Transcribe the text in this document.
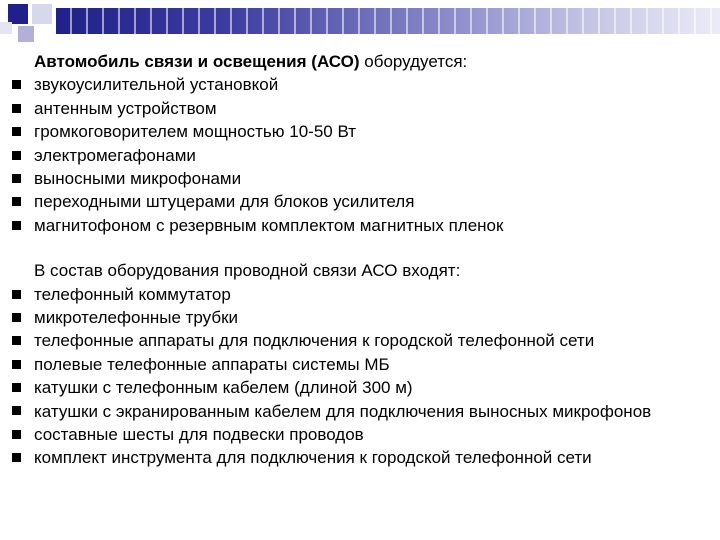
Автомобиль связи и освещения (АСО) оборудуется:

звукоусилительной установкой
антенным устройством
громкоговорителем мощностью 10-50 Вт
электромегафонами
выносными микрофонами
переходными штуцерами для блоков усилителя
магнитофоном с резервным комплектом магнитных пленок

В состав оборудования проводной связи АСО входят:

телефонный коммутатор
микротелефонные трубки
телефонные аппараты для подключения к городской телефонной сети
полевые телефонные аппараты системы МБ
катушки с телефонным кабелем (длиной 300 м)
катушки с экранированным кабелем для подключения выносных микрофонов
составные шесты для подвески проводов
комплект инструмента для подключения к городской телефонной сети
